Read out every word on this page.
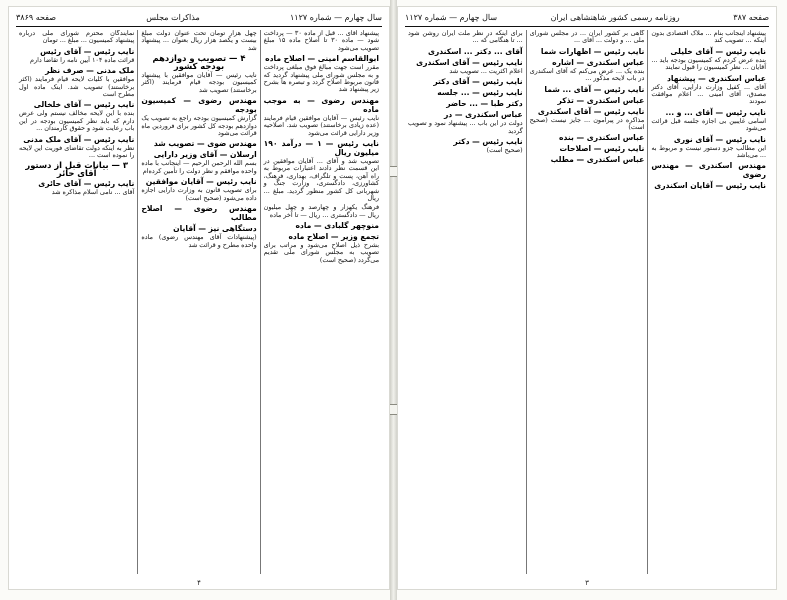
سال چهارم — شماره ۱۱۲۷
مذاکرات مجلس
صفحه ۳۸۶۹

پیشنهاد آقای ... قبل از ماده ۳۰ — پرداخت شود — ماده ۳۰ تا اصلاح ماده ۱۵ مبلغ تصویب می‌شود

ابوالقاسم امینی — اصلاح ماده

مقرر است جهت مبالغ فوق مبلغی پرداخت و به مجلس شورای ملی پیشنهاد گردید که قانون مربوط اصلاح گردد و تبصره ها بشرح زیر پیشنهاد شد

مهندس رضوی — به موجب ماده

نایب رئیس — آقایان موافقین قیام فرمایند (عده زیادی برخاستند) تصویب شد. اصلاحیه وزیر دارایی قرائت می‌شود

نایب رئیس — ۱ — درآمد ۱۹۰ میلیون ریال

تصویب شد و آقای ... آقایان موافقین در این قسمت نظر دادند اعتبارات مربوط به راه آهن، پست و تلگراف، بهداری، فرهنگ، کشاورزی، دادگستری، وزارت جنگ و شهربانی کل کشور منظور گردید. مبلغ ... ریال

فرهنگ یکهزار و چهارصد و چهل میلیون ریال — دادگستری ... ریال — تا آخر ماده

منوچهر گلبادی — ماده

تجمع وزیر — اصلاح ماده

بشرح ذیل اصلاح می‌شود و مراتب برای تصویب به مجلس شورای ملی تقدیم می‌گردد (صحیح است)

چهل هزار تومان تحت عنوان دولت مبلغ بیست و یکصد هزار ریال بعنوان ... پیشنهاد شد

۴ — تصویب و دوازدهم بودجه کشور

نایب رئیس — آقایان موافقین با پیشنهاد کمیسیون بودجه قیام فرمایند (اکثر برخاستند) تصویب شد

مهندس رضوی — کمیسیون بودجه

گزارش کمیسیون بودجه راجع به تصویب یک دوازدهم بودجه کل کشور برای فروردین ماه قرائت می‌شود

مهندس ضوی — تصویب شد

ارسلان — آقای وزیر دارایی

بسم الله الرحمن الرحیم — اینجانب با ماده واحده موافقم و نظر دولت را تأمین کرده‌ام

نایب رئیس — آقایان موافقین

برای تصویب قانون به وزارت دارایی اجازه داده می‌شود (صحیح است)

مهندس رضوی — اصلاح مطالب

دستگاهی نیز — آقایان

(پیشنهادات آقای مهندس رضوی) ماده واحده مطرح و قرائت شد

نمایندگان محترم شورای ملی درباره پیشنهاد کمیسیون ... مبلغ ... تومان

نایب رئیس — آقای رئیس

قرائت ماده ۱۰۴ آیین نامه را تقاضا دارم

ملک مدنی — صرف نظر

موافقین با کلیات لایحه قیام فرمایند (اکثر برخاستند) تصویب شد. اینک ماده اول مطرح است

نایب رئیس — آقای خلخالی

بنده با این لایحه مخالف نیستم ولی عرض دارم که باید نظر کمیسیون بودجه در این باب رعایت شود و حقوق کارمندان ...

نایب رئیس — آقای ملک مدنی

نظر به اینکه دولت تقاضای فوریت این لایحه را نموده است ...

۳ — بیانات قبل از دستور آقای حائر

نایب رئیس — آقای حائری

آقای ... نامی اسلام مذاکره شد

۴
صفحه ۳۸۷
روزنامه رسمی کشور شاهنشاهی ایران
سال چهارم — شماره ۱۱۲۷

پیشنهاد اینجانب بنام ... ملاک اقتصادی بدون اینکه ... تصویب کند

نایب رئیس — آقای خلیلی

بنده عرض کردم که کمیسیون بودجه باید ... آقایان ... نظر کمیسیون را قبول نمایند

عباس اسکندری — پیشنهاد

آقای ... کفیل وزارت دارایی، آقای دکتر مصدق، آقای امینی ... اعلام موافقت نمودند

نایب رئیس — آقای ... و ...

اسامی غایبین بی اجازه جلسه قبل قرائت می‌شود

نایب رئیس — آقای نوری

این مطالب جزو دستور نیست و مربوط به ... می‌باشد

مهندس اسکندری — مهندس رضوی

نایب رئیس — آقایان اسکندری

گاهی بر کشور ایران ... در مجلس شورای ملی ... و دولت ... آقای ...

نایب رئیس — اظهارات شما

عباس اسکندری — اشاره

بنده یک ... عرض می‌کنم که آقای اسکندری در باب لایحه مذکور ...

نایب رئیس — آقای ... شما

عباس اسکندری — تذکر

نایب رئیس — آقای اسکندری

مذاکره در پیرامون ... جایز نیست (صحیح است)

عباس اسکندری — بنده

نایب رئیس — اصلاحات

عباس اسکندری — مطلب

برای اینکه در نظر ملت ایران روشن شود ... تا هنگامی که ...

آقای ... دکتر ... اسکندری

نایب رئیس — آقای اسکندری

اعلام اکثریت ... تصویب شد

نایب رئیس — آقای دکتر

نایب رئیس — ... جلسه

دکتر طبا — ... حاضر

عباس اسکندری — در

دولت در این باب ... پیشنهاد نمود و تصویب گردید

نایب رئیس — دکتر

(صحیح است)

۳
